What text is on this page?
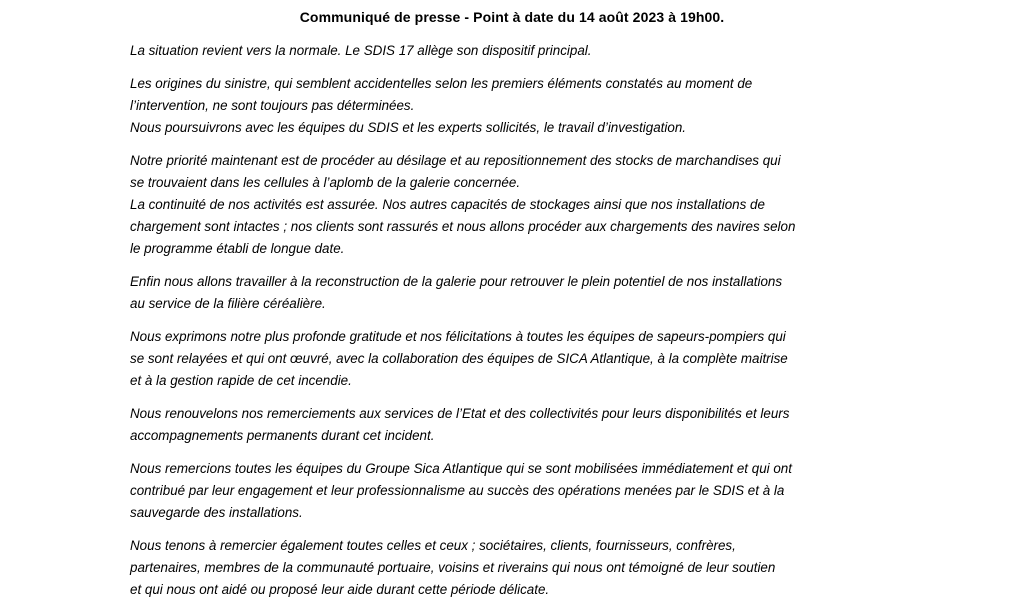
Communiqué de presse - Point à date du 14 août 2023 à 19h00.

La situation revient vers la normale. Le SDIS 17 allège son dispositif principal.

Les origines du sinistre, qui semblent accidentelles selon les premiers éléments constatés au moment de
l’intervention, ne sont toujours pas déterminées.
Nous poursuivrons avec les équipes du SDIS et les experts sollicités, le travail d’investigation.

Notre priorité maintenant est de procéder au désilage et au repositionnement des stocks de marchandises qui
se trouvaient dans les cellules à l’aplomb de la galerie concernée.
La continuité de nos activités est assurée. Nos autres capacités de stockages ainsi que nos installations de
chargement sont intactes ; nos clients sont rassurés et nous allons procéder aux chargements des navires selon
le programme établi de longue date.

Enfin nous allons travailler à la reconstruction de la galerie pour retrouver le plein potentiel de nos installations
au service de la filière céréalière.

Nous exprimons notre plus profonde gratitude et nos félicitations à toutes les équipes de sapeurs-pompiers qui
se sont relayées et qui ont œuvré, avec la collaboration des équipes de SICA Atlantique, à la complète maitrise
et à la gestion rapide de cet incendie.

Nous renouvelons nos remerciements aux services de l’Etat et des collectivités pour leurs disponibilités et leurs
accompagnements permanents durant cet incident.

Nous remercions toutes les équipes du Groupe Sica Atlantique qui se sont mobilisées immédiatement et qui ont
contribué par leur engagement et leur professionnalisme au succès des opérations menées par le SDIS et à la
sauvegarde des installations.

Nous tenons à remercier également toutes celles et ceux ; sociétaires, clients, fournisseurs, confrères,
partenaires, membres de la communauté portuaire, voisins et riverains qui nous ont témoigné de leur soutien
et qui nous ont aidé ou proposé leur aide durant cette période délicate.
